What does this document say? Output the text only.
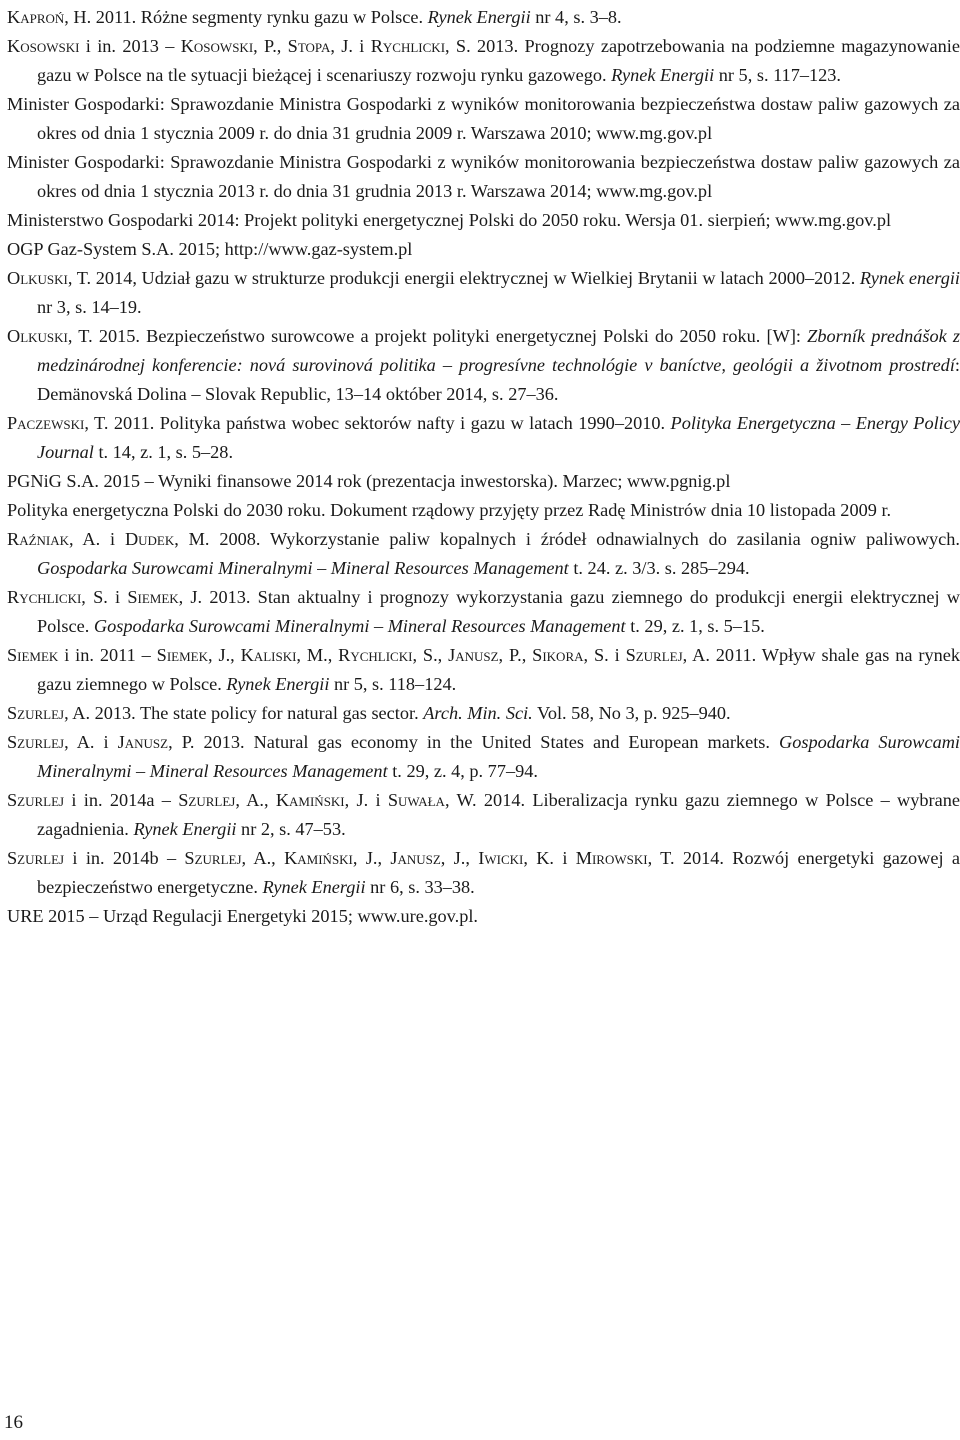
Kaproń, H. 2011. Różne segmenty rynku gazu w Polsce. Rynek Energii nr 4, s. 3–8.

Kosowski i in. 2013 – Kosowski, P., Stopa, J. i Rychlicki, S. 2013. Prognozy zapotrzebowania na podziemne magazynowanie gazu w Polsce na tle sytuacji bieżącej i scenariuszy rozwoju rynku gazowego. Rynek Energii nr 5, s. 117–123.

Minister Gospodarki: Sprawozdanie Ministra Gospodarki z wyników monitorowania bezpieczeństwa dostaw paliw gazowych za okres od dnia 1 stycznia 2009 r. do dnia 31 grudnia 2009 r. Warszawa 2010; www.mg.gov.pl

Minister Gospodarki: Sprawozdanie Ministra Gospodarki z wyników monitorowania bezpieczeństwa dostaw paliw gazowych za okres od dnia 1 stycznia 2013 r. do dnia 31 grudnia 2013 r. Warszawa 2014; www.mg.gov.pl

Ministerstwo Gospodarki 2014: Projekt polityki energetycznej Polski do 2050 roku. Wersja 01. sierpień; www.mg.gov.pl

OGP Gaz-System S.A. 2015; http://www.gaz-system.pl

Olkuski, T. 2014, Udział gazu w strukturze produkcji energii elektrycznej w Wielkiej Brytanii w latach 2000–2012. Rynek energii nr 3, s. 14–19.

Olkuski, T. 2015. Bezpieczeństwo surowcowe a projekt polityki energetycznej Polski do 2050 roku. [W]: Zborník prednášok z medzinárodnej konferencie: nová surovinová politika – progresívne technológie v baníctve, geológii a životnom prostredí: Demänovská Dolina – Slovak Republic, 13–14 október 2014, s. 27–36.

Paczewski, T. 2011. Polityka państwa wobec sektorów nafty i gazu w latach 1990–2010. Polityka Energetyczna – Energy Policy Journal t. 14, z. 1, s. 5–28.

PGNiG S.A. 2015 – Wyniki finansowe 2014 rok (prezentacja inwestorska). Marzec; www.pgnig.pl

Polityka energetyczna Polski do 2030 roku. Dokument rządowy przyjęty przez Radę Ministrów dnia 10 listopada 2009 r.

Raźniak, A. i Dudek, M. 2008. Wykorzystanie paliw kopalnych i źródeł odnawialnych do zasilania ogniw paliwowych. Gospodarka Surowcami Mineralnymi – Mineral Resources Management t. 24. z. 3/3. s. 285–294.

Rychlicki, S. i Siemek, J. 2013. Stan aktualny i prognozy wykorzystania gazu ziemnego do produkcji energii elektrycznej w Polsce. Gospodarka Surowcami Mineralnymi – Mineral Resources Management t. 29, z. 1, s. 5–15.

Siemek i in. 2011 – Siemek, J., Kaliski, M., Rychlicki, S., Janusz, P., Sikora, S. i Szurlej, A. 2011. Wpływ shale gas na rynek gazu ziemnego w Polsce. Rynek Energii nr 5, s. 118–124.

Szurlej, A. 2013. The state policy for natural gas sector. Arch. Min. Sci. Vol. 58, No 3, p. 925–940.

Szurlej, A. i Janusz, P. 2013. Natural gas economy in the United States and European markets. Gospodarka Surowcami Mineralnymi – Mineral Resources Management t. 29, z. 4, p. 77–94.

Szurlej i in. 2014a – Szurlej, A., Kamiński, J. i Suwała, W. 2014. Liberalizacja rynku gazu ziemnego w Polsce – wybrane zagadnienia. Rynek Energii nr 2, s. 47–53.

Szurlej i in. 2014b – Szurlej, A., Kamiński, J., Janusz, J., Iwicki, K. i Mirowski, T. 2014. Rozwój energetyki gazowej a bezpieczeństwo energetyczne. Rynek Energii nr 6, s. 33–38.

URE 2015 – Urząd Regulacji Energetyki 2015; www.ure.gov.pl.

16
